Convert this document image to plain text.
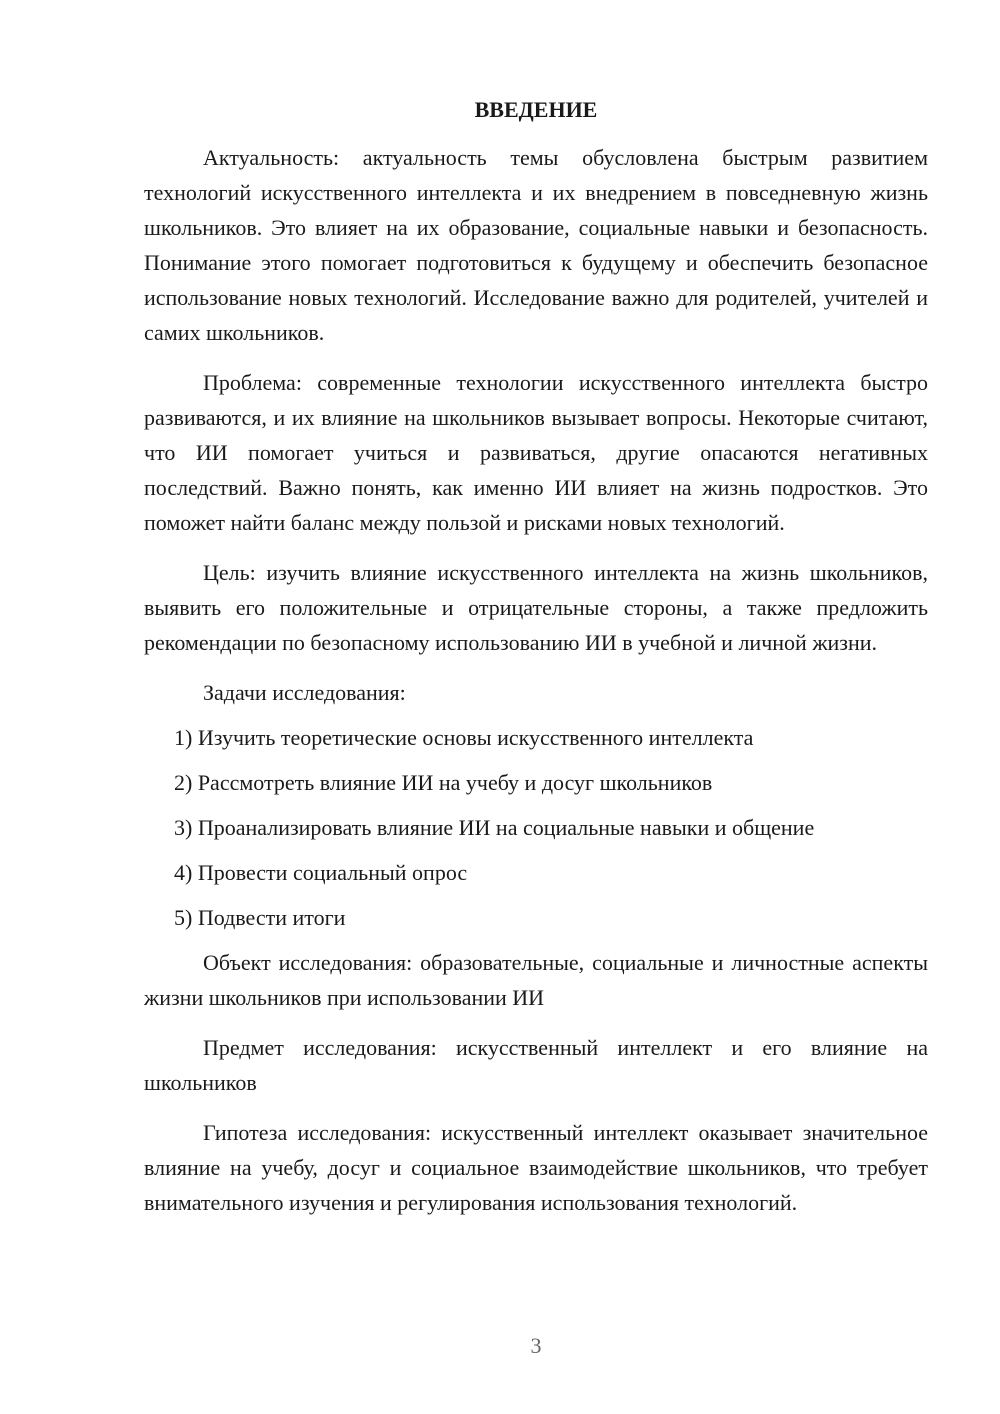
ВВЕДЕНИЕ

Актуальность: актуальность темы обусловлена быстрым развитием технологий искусственного интеллекта и их внедрением в повседневную жизнь школьников. Это влияет на их образование, социальные навыки и безопасность. Понимание этого помогает подготовиться к будущему и обеспечить безопасное использование новых технологий. Исследование важно для родителей, учителей и самих школьников.

Проблема: современные технологии искусственного интеллекта быстро развиваются, и их влияние на школьников вызывает вопросы. Некоторые считают, что ИИ помогает учиться и развиваться, другие опасаются негативных последствий. Важно понять, как именно ИИ влияет на жизнь подростков. Это поможет найти баланс между пользой и рисками новых технологий.

Цель: изучить влияние искусственного интеллекта на жизнь школьников, выявить его положительные и отрицательные стороны, а также предложить рекомендации по безопасному использованию ИИ в учебной и личной жизни.

Задачи исследования:

1) Изучить теоретические основы искусственного интеллекта
2) Рассмотреть влияние ИИ на учебу и досуг школьников
3) Проанализировать влияние ИИ на социальные навыки и общение
4) Провести социальный опрос
5) Подвести итоги

Объект исследования: образовательные, социальные и личностные аспекты жизни школьников при использовании ИИ

Предмет исследования: искусственный интеллект и его влияние на школьников

Гипотеза исследования: искусственный интеллект оказывает значительное влияние на учебу, досуг и социальное взаимодействие школьников, что требует внимательного изучения и регулирования использования технологий.

3
